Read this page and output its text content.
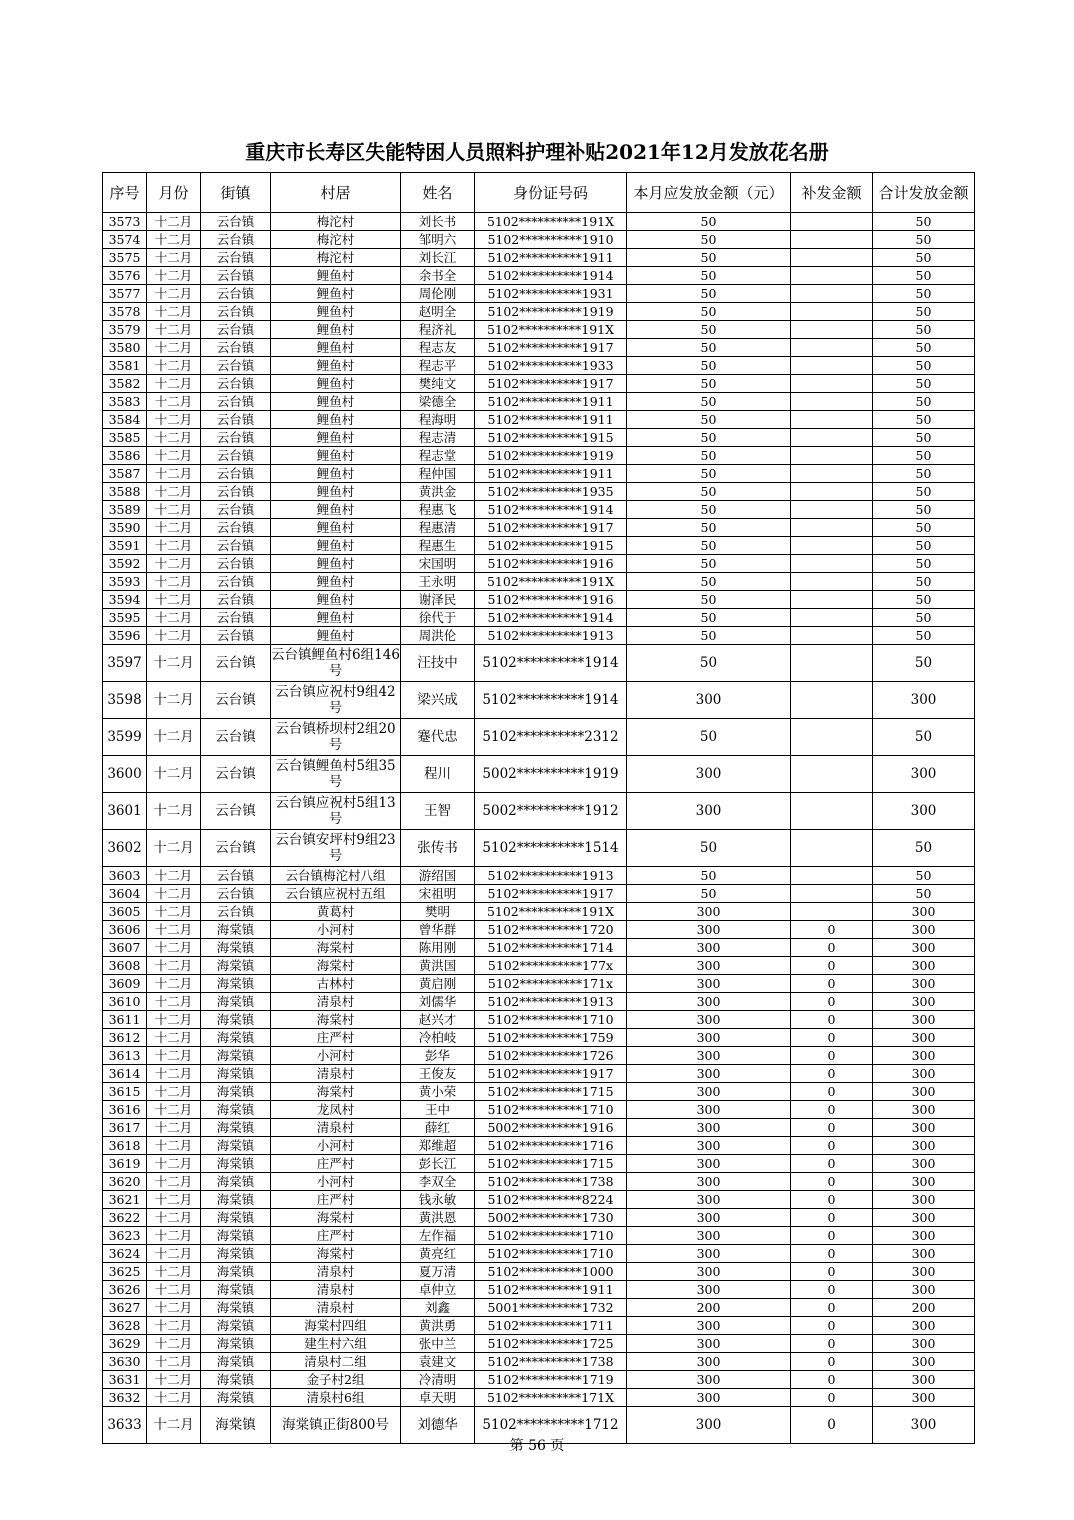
重庆市长寿区失能特困人员照料护理补贴2021年12月发放花名册
序号	月份	街镇	村居	姓名	身份证号码	本月应发放金额（元）	补发金额	合计发放金额
3573	十二月	云台镇	梅沱村	刘长书	5102**********191X	50		50
3574	十二月	云台镇	梅沱村	邹明六	5102**********1910	50		50
3575	十二月	云台镇	梅沱村	刘长江	5102**********1911	50		50
3576	十二月	云台镇	鲤鱼村	余书全	5102**********1914	50		50
3577	十二月	云台镇	鲤鱼村	周伦刚	5102**********1931	50		50
3578	十二月	云台镇	鲤鱼村	赵明全	5102**********1919	50		50
3579	十二月	云台镇	鲤鱼村	程济礼	5102**********191X	50		50
3580	十二月	云台镇	鲤鱼村	程志友	5102**********1917	50		50
3581	十二月	云台镇	鲤鱼村	程志平	5102**********1933	50		50
3582	十二月	云台镇	鲤鱼村	樊纯文	5102**********1917	50		50
3583	十二月	云台镇	鲤鱼村	梁德全	5102**********1911	50		50
3584	十二月	云台镇	鲤鱼村	程海明	5102**********1911	50		50
3585	十二月	云台镇	鲤鱼村	程志清	5102**********1915	50		50
3586	十二月	云台镇	鲤鱼村	程志堂	5102**********1919	50		50
3587	十二月	云台镇	鲤鱼村	程仲国	5102**********1911	50		50
3588	十二月	云台镇	鲤鱼村	黄洪金	5102**********1935	50		50
3589	十二月	云台镇	鲤鱼村	程惠飞	5102**********1914	50		50
3590	十二月	云台镇	鲤鱼村	程惠清	5102**********1917	50		50
3591	十二月	云台镇	鲤鱼村	程惠生	5102**********1915	50		50
3592	十二月	云台镇	鲤鱼村	宋国明	5102**********1916	50		50
3593	十二月	云台镇	鲤鱼村	王永明	5102**********191X	50		50
3594	十二月	云台镇	鲤鱼村	谢泽民	5102**********1916	50		50
3595	十二月	云台镇	鲤鱼村	徐代于	5102**********1914	50		50
3596	十二月	云台镇	鲤鱼村	周洪伦	5102**********1913	50		50
3597	十二月	云台镇	云台镇鲤鱼村6组146号	汪技中	5102**********1914	50		50
3598	十二月	云台镇	云台镇应祝村9组42号	梁兴成	5102**********1914	300		300
3599	十二月	云台镇	云台镇桥坝村2组20号	蹇代忠	5102**********2312	50		50
3600	十二月	云台镇	云台镇鲤鱼村5组35号	程川	5002**********1919	300		300
3601	十二月	云台镇	云台镇应祝村5组13号	王智	5002**********1912	300		300
3602	十二月	云台镇	云台镇安坪村9组23号	张传书	5102**********1514	50		50
3603	十二月	云台镇	云台镇梅沱村八组	游绍国	5102**********1913	50		50
3604	十二月	云台镇	云台镇应祝村五组	宋祖明	5102**********1917	50		50
3605	十二月	云台镇	黄葛村	樊明	5102**********191X	300		300
3606	十二月	海棠镇	小河村	曾华群	5102**********1720	300	0	300
3607	十二月	海棠镇	海棠村	陈用刚	5102**********1714	300	0	300
3608	十二月	海棠镇	海棠村	黄洪国	5102**********177x	300	0	300
3609	十二月	海棠镇	古林村	黄启刚	5102**********171x	300	0	300
3610	十二月	海棠镇	清泉村	刘儒华	5102**********1913	300	0	300
3611	十二月	海棠镇	海棠村	赵兴才	5102**********1710	300	0	300
3612	十二月	海棠镇	庄严村	冷柏岐	5102**********1759	300	0	300
3613	十二月	海棠镇	小河村	彭华	5102**********1726	300	0	300
3614	十二月	海棠镇	清泉村	王俊友	5102**********1917	300	0	300
3615	十二月	海棠镇	海棠村	黄小荣	5102**********1715	300	0	300
3616	十二月	海棠镇	龙凤村	王中	5102**********1710	300	0	300
3617	十二月	海棠镇	清泉村	薛红	5002**********1916	300	0	300
3618	十二月	海棠镇	小河村	郑维超	5102**********1716	300	0	300
3619	十二月	海棠镇	庄严村	彭长江	5102**********1715	300	0	300
3620	十二月	海棠镇	小河村	李双全	5102**********1738	300	0	300
3621	十二月	海棠镇	庄严村	钱永敏	5102**********8224	300	0	300
3622	十二月	海棠镇	海棠村	黄洪恩	5002**********1730	300	0	300
3623	十二月	海棠镇	庄严村	左作福	5102**********1710	300	0	300
3624	十二月	海棠镇	海棠村	黄亮红	5102**********1710	300	0	300
3625	十二月	海棠镇	清泉村	夏万清	5102**********1000	300	0	300
3626	十二月	海棠镇	清泉村	卓仲立	5102**********1911	300	0	300
3627	十二月	海棠镇	清泉村	刘鑫	5001**********1732	200	0	200
3628	十二月	海棠镇	海棠村四组	黄洪勇	5102**********1711	300	0	300
3629	十二月	海棠镇	建生村六组	张中兰	5102**********1725	300	0	300
3630	十二月	海棠镇	清泉村二组	袁建文	5102**********1738	300	0	300
3631	十二月	海棠镇	金子村2组	冷清明	5102**********1719	300	0	300
3632	十二月	海棠镇	清泉村6组	卓天明	5102**********171X	300	0	300
3633	十二月	海棠镇	海棠镇正街800号	刘德华	5102**********1712	300	0	300
第 56 页
